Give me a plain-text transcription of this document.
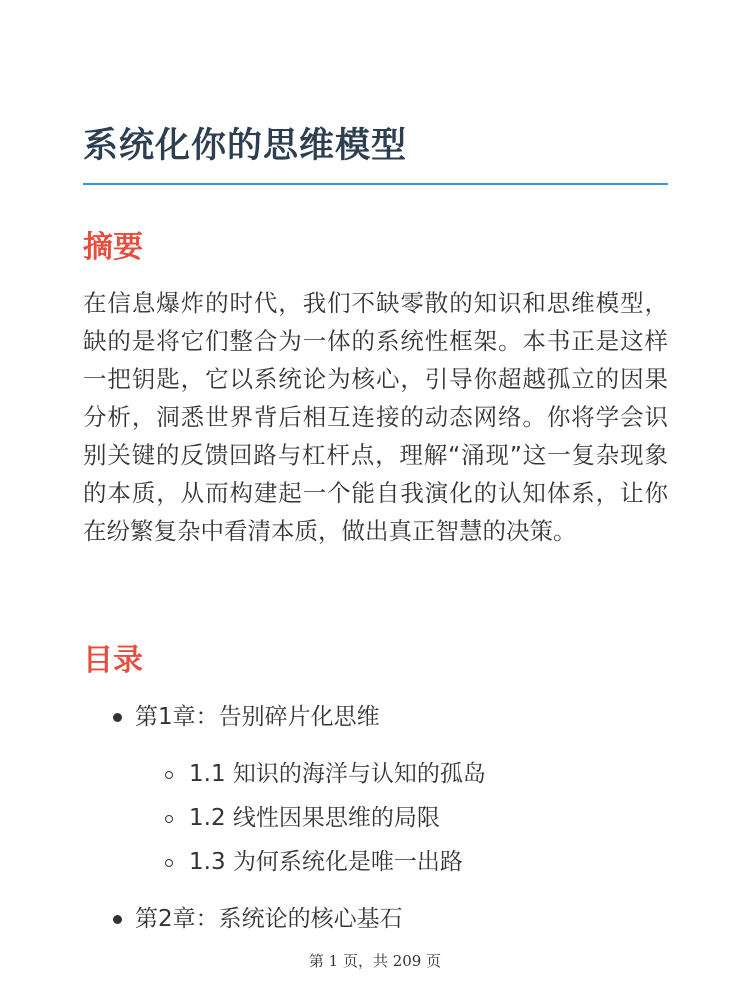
系统化你的思维模型
摘要

在信息爆炸的时代，我们不缺零散的知识和思维模型，缺的是将它们整合为一体的系统性框架。本书正是这样一把钥匙，它以系统论为核心，引导你超越孤立的因果分析，洞悉世界背后相互连接的动态网络。你将学会识别关键的反馈回路与杠杆点，理解“涌现”这一复杂现象的本质，从而构建起一个能自我演化的认知体系，让你在纷繁复杂中看清本质，做出真正智慧的决策。

目录
第1章：告别碎片化思维
1.1 知识的海洋与认知的孤岛
1.2 线性因果思维的局限
1.3 为何系统化是唯一出路
第2章：系统论的核心基石
第 1 页，共 209 页
